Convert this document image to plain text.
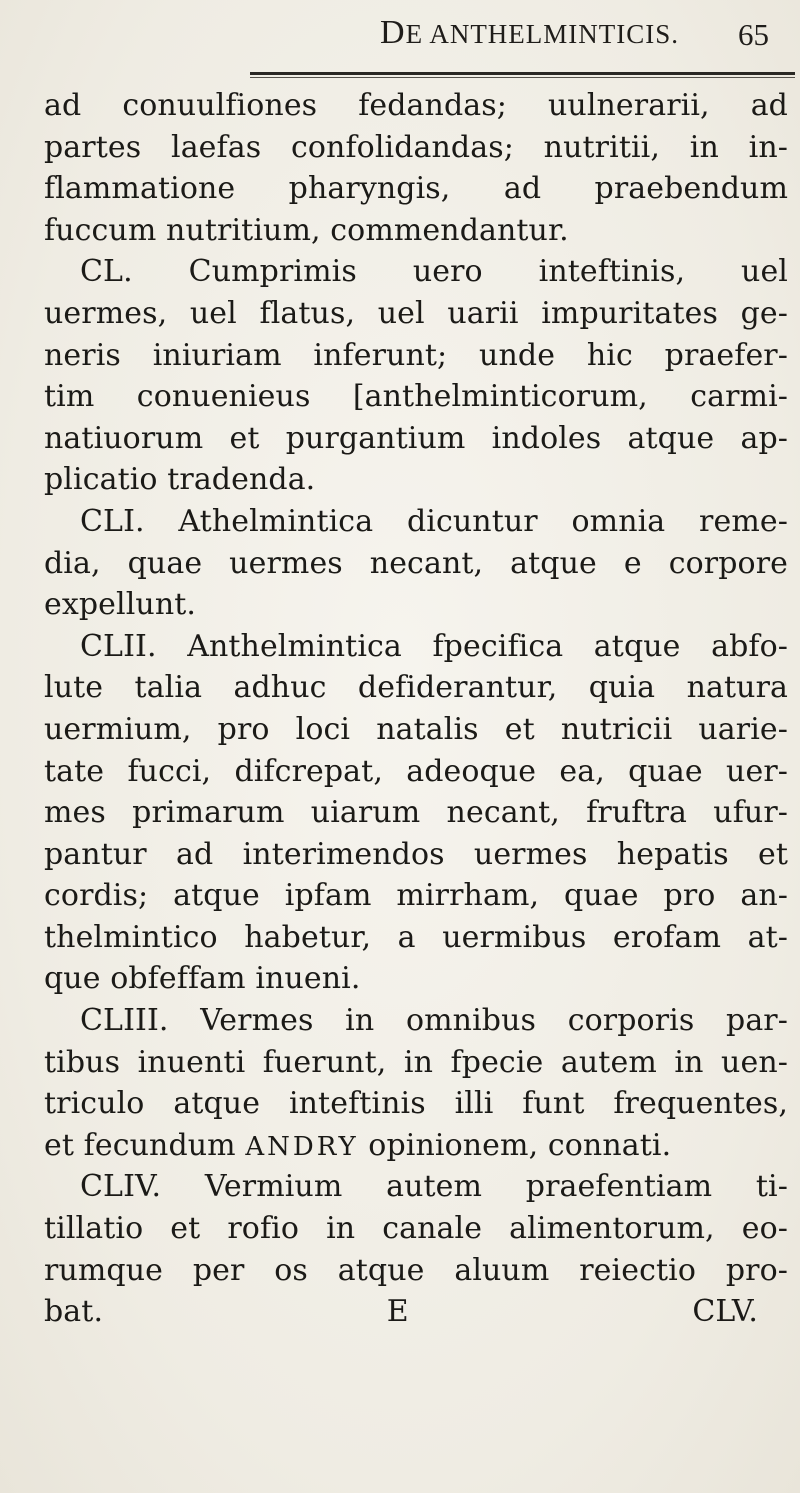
DE ANTHELMINTICIS. 65
ad conuulfiones fedandas; uulnerarii, ad
partes laefas confolidandas; nutritii, in in-
flammatione pharyngis, ad praebendum
fuccum nutritium, commendantur.
CL. Cumprimis uero inteftinis, uel
uermes, uel flatus, uel uarii impuritates ge-
neris iniuriam inferunt; unde hic praefer-
tim conuenieus [anthelminticorum, carmi-
natiuorum et purgantium indoles atque ap-
plicatio tradenda.
CLI. Athelmintica dicuntur omnia reme-
dia, quae uermes necant, atque e corpore
expellunt.
CLII. Anthelmintica fpecifica atque abfo-
lute talia adhuc defiderantur, quia natura
uermium, pro loci natalis et nutricii uarie-
tate fucci, difcrepat, adeoque ea, quae uer-
mes primarum uiarum necant, fruftra ufur-
pantur ad interimendos uermes hepatis et
cordis; atque ipfam mirrham, quae pro an-
thelmintico habetur, a uermibus erofam at-
que obfeffam inueni.
CLIII. Vermes in omnibus corporis par-
tibus inuenti fuerunt, in fpecie autem in uen-
triculo atque inteftinis illi funt frequentes,
et fecundum ANDRY opinionem, connati.
CLIV. Vermium autem praefentiam ti-
tillatio et rofio in canale alimentorum, eo-
rumque per os atque aluum reiectio pro-
bat.	E	CLV.
